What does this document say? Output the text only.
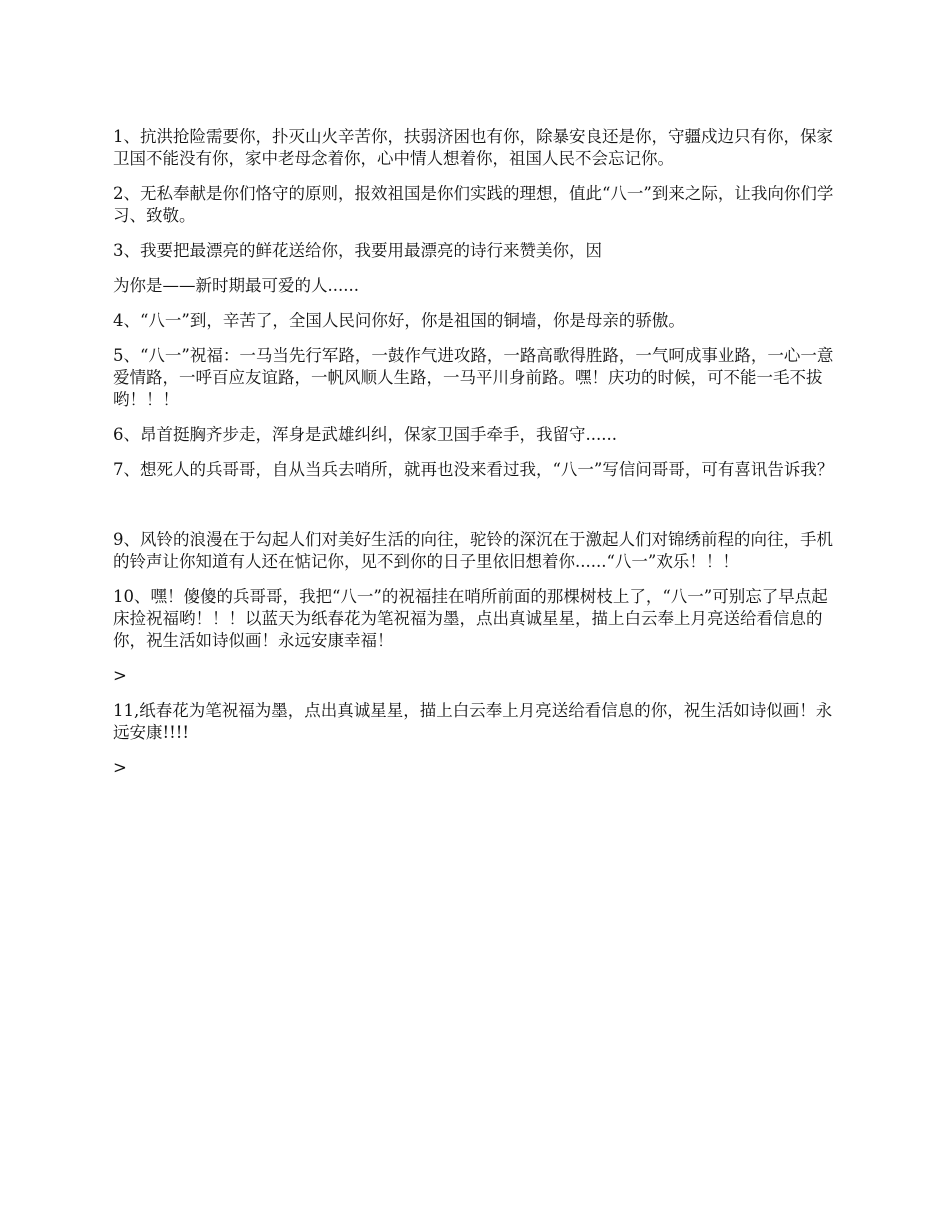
1、抗洪抢险需要你，扑灭山火辛苦你，扶弱济困也有你，除暴安良还是你，守疆戍边只有你，保家卫国不能没有你，家中老母念着你，心中情人想着你，祖国人民不会忘记你。

2、无私奉献是你们恪守的原则，报效祖国是你们实践的理想，值此“八一”到来之际，让我向你们学习、致敬。

3、我要把最漂亮的鲜花送给你，我要用最漂亮的诗行来赞美你，因

为你是——新时期最可爱的人......

4、“八一”到，辛苦了，全国人民问你好，你是祖国的铜墙，你是母亲的骄傲。

5、“八一”祝福：一马当先行军路，一鼓作气进攻路，一路高歌得胜路，一气呵成事业路，一心一意爱情路，一呼百应友谊路，一帆风顺人生路，一马平川身前路。嘿！庆功的时候，可不能一毛不拔哟！！！

6、昂首挺胸齐步走，浑身是武雄纠纠，保家卫国手牵手，我留守......

7、想死人的兵哥哥，自从当兵去哨所，就再也没来看过我，“八一”写信问哥哥，可有喜讯告诉我？

9、风铃的浪漫在于勾起人们对美好生活的向往，驼铃的深沉在于激起人们对锦绣前程的向往，手机的铃声让你知道有人还在惦记你，见不到你的日子里依旧想着你......“八一”欢乐！！！

10、嘿！傻傻的兵哥哥，我把“八一”的祝福挂在哨所前面的那棵树枝上了，“八一”可别忘了早点起床捡祝福哟！！！以蓝天为纸春花为笔祝福为墨，点出真诚星星，描上白云奉上月亮送给看信息的你，祝生活如诗似画！永远安康幸福！

>

11,纸春花为笔祝福为墨，点出真诚星星，描上白云奉上月亮送给看信息的你，祝生活如诗似画！永远安康!!!!

>
